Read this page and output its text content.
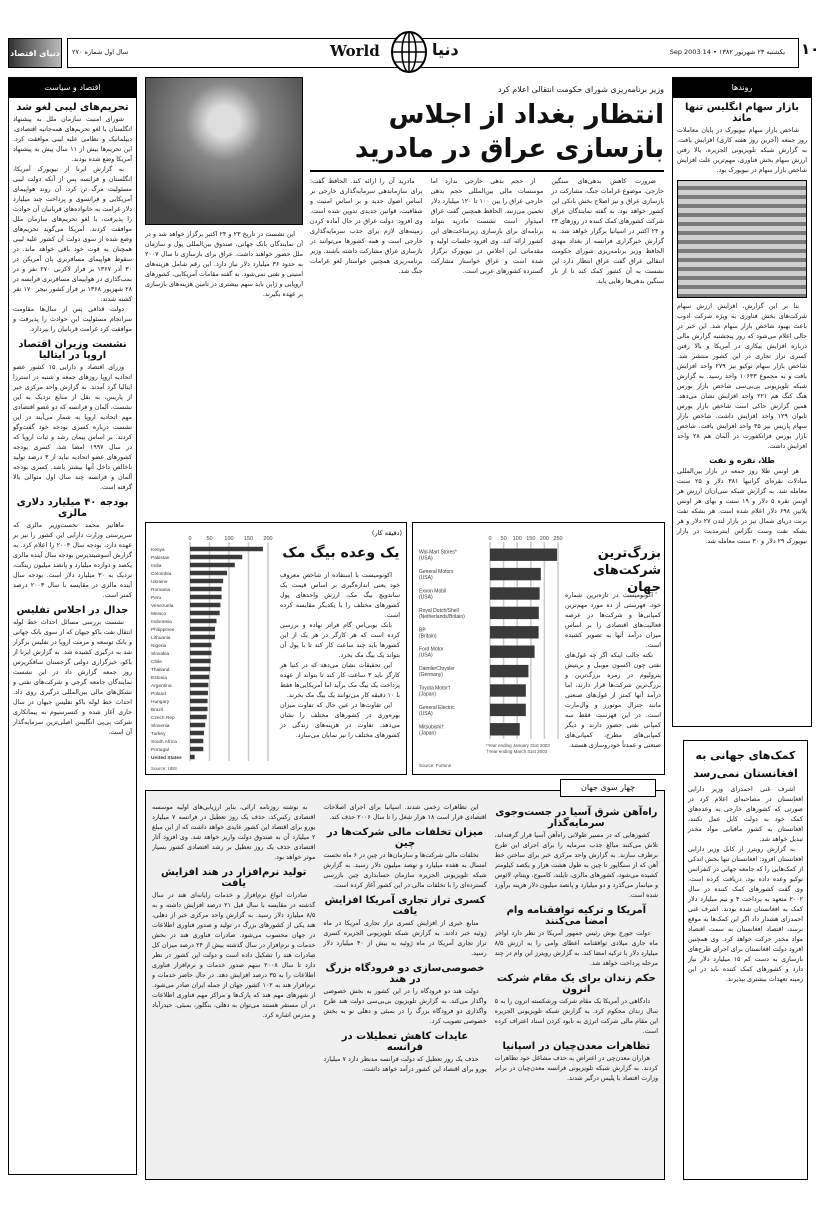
دنیای اقتصاد سال اول شماره ۲۷۰	World	دنیا	یکشنبه ۲۳ شهریور ۱۳۸۲ • 14 Sep 2003 ۱۰
اقتصاد و سیاست
تحریم‌های لیبی لغو شد

شورای امنیت سازمان ملل به پیشنهاد انگلستان با لغو تحریم‌های همه‌جانبه اقتصادی، دیپلماتیک و نظامی علیه لیبی موافقت کرد. این تحریم‌ها بیش از ۱۱ سال پیش به پیشنهاد آمریکا وضع شده بودند.

به گزارش ایرنا از نیویورک آمریکا، انگلستان و فرانسه پس از آنکه دولت لیبی مسئولیت مرگ تن کرد، آن روند هواپیمای آمریکایی و فرانسوی و پرداخت چند میلیارد دلار غرامت به خانواده‌های قربانیان آن حوادث را پذیرفت، با لغو تحریم‌های سازمان ملل موافقت کردند. آمریکا می‌گوید تحریم‌های وضع شده از سوی دولت آن کشور علیه لیبی همچنان به قوت خود باقی خواهد ماند. در سقوط هواپیمای مسافربری پان آمریکن در ۳۰ آذر ۱۳۶۷ بر فراز لاکربی ۲۷۰ نفر و در بمب‌گذاری در هواپیمای مسافربری فرانسه در ۲۸ شهریور ۱۳۶۸ بر فراز کشور نیجر ۱۷۰ نفر کشته شدند.

دولت قذافی پس از سال‌ها مقاومت سرانجام مسئولیت این حوادث را پذیرفت و موافقت کرد غرامت قربانیان را بپردازد.

نشست وزیران اقتصاد اروپا در ایتالیا

وزرای اقتصاد و دارایی ۱۵ کشور عضو اتحادیه اروپا روزهای جمعه و شنبه در استرزا ایتالیا گرد آمدند. به گزارش واحد مرکزی خبر از پاریس، به نقل از منابع نزدیک به این نشست، آلمان و فرانسه که دو عضو اقتصادی مهم اتحادیه اروپا به شمار می‌آیند در این نشست درباره کسری بودجه خود گفت‌وگو کردند. بر اساس پیمان رشد و ثبات اروپا که در سال ۱۹۹۷ امضا شد، کسری بودجه کشورهای عضو اتحادیه نباید از ۳ درصد تولید ناخالص داخل آنها بیشتر باشد. کسری بودجه آلمان و فرانسه چند سال اول متوالی بالا گرفته است.

بودجه ۴۰ میلیارد دلاری مالزی

ماهاتیر محمد نخست‌وزیر مالزی که سرپرستی وزارت دارایی این کشور را نیز بر عهده دارد، بودجه سال ۲۰۰۴ را اعلام کرد. به گزارش آسوشیتدپرس بودجه سال آینده مالزی یکصد و دوازده میلیارد و پانصد میلیون رینگت، نزدیک به ۳۰ میلیارد دلار است. بودجه سال آینده مالزی در مقایسه با سال ۲۰۰۳ درصد کمتر است.

جدال در اجلاس تفلیس

نشست بررسی مسائل احداث خط لوله انتقال نفت باکو جیهان که از سوی بانک جهانی و بانک توسعه و مرمت اروپا در تفلیس برگزار شد به درگیری کشیده شد. به گزارش ایرنا از باکو، خبرگزاری دولتی گرجستان سافکرپرس روز جمعه گزارش داد در این نشست نمایندگان جامعه گرجی و شرکت‌های نفتی و تشکل‌های مالی بین‌المللی درگیری روی داد. احداث خط لوله باکو تفلیس جیهان در سال جاری آغاز شده و کنسرسیوم به پیمانکاری شرکت بی‌پی انگلیس اصلی‌ترین سرمایه‌گذار آن است.

وزیر برنامه‌ریزی شورای حکومت انتقالی اعلام کرد
انتظار بغداد از اجلاس بازسازی عراق در مادرید

ضرورت کاهش بدهی‌های سنگین خارجی، موضوع غرامات جنگ، مشارکت در بازسازی عراق و نیز اصلاح بخش بانکی این کشور خواهد بود. به گفته نمایندگان عراق شرکت کشورهای کمک کننده در روزهای ۲۳ و ۲۴ اکتبر در اسپانیا برگزار خواهد شد. به گزارش خبرگزاری فرانسه از بغداد مهدی الحافظ وزیر برنامه‌ریزی شورای حکومت انتقالی عراق گفت عراق انتظار دارد این نشست به آن کشور کمک کند تا از بار سنگین بدهی‌ها رهایی یابد.

از حجم بدهی خارجی ندارد اما موسسات مالی بین‌المللی حجم بدهی خارجی عراق را بین ۱۰۰ تا ۱۲۰ میلیارد دلار تخمین می‌زنند. الحافظ همچنین گفت عراق امیدوار است نشست مادرید بتواند برنامه‌ای برای بازسازی زیرساخت‌های این کشور ارائه کند. وی افزود جلسات اولیه و مقدماتی این اجلاس در نیویورک برگزار شده است و عراق خواستار مشارکت گسترده کشورهای عربی است.

مادرید آن را ارائه کند. الحافظ گفت: برای سازماندهی سرمایه‌گذاری خارجی بر اساس اصول جدید و بر اساس امنیت و شفافیت، قوانین جدیدی تدوین شده است. وی افزود: دولت عراق در حال آماده کردن زمینه‌های لازم برای جذب سرمایه‌گذاری خارجی است و همه کشورها می‌توانند در بازسازی عراق مشارکت داشته باشند. وزیر برنامه‌ریزی همچنین خواستار لغو غرامات جنگ شد.

این نشست در تاریخ ۲۳ و ۲۴ اکتبر برگزار خواهد شد و در آن نمایندگان بانک جهانی، صندوق بین‌المللی پول و سازمان ملل حضور خواهند داشت. عراق برای بازسازی تا سال ۲۰۰۷ به حدود ۳۶ میلیارد دلار نیاز دارد. این رقم شامل هزینه‌های امنیتی و نفتی نمی‌شود. به گفته مقامات آمریکایی، کشورهای اروپایی و ژاپن باید سهم بیشتری در تامین هزینه‌های بازسازی بر عهده بگیرند.

0	50 100 150 200
Kenya
Pakistan
India
Colombia
Ukraine
Romania
Peru
Venezuela
Mexico
Indonesia
Philippines
Lithuania
Nigeria
Slovakia
Chile
Thailand
Estonia
Argentina
Poland
Hungary
Brazil
Czech Rep
Slovenia
Turkey
South Africa
Portugal
United States
Source: UBS
(دقیقه کار)
یک وعده بیگ مک

اکونومیست با استفاده از شاخص معروف خود یعنی اندازه‌گیری بر اساس قیمت یک ساندویچ بیگ مک، ارزش واحدهای پول کشورهای مختلف را با یکدیگر مقایسه کرده است.

بانک یوبی‌اس گام فراتر نهاده و بررسی کرده است که هر کارگر در هر یک از این کشورها باید چند ساعت کار کند تا با پول آن بتواند یک بیگ مک بخرد.

این تحقیقات نشان می‌دهد که در کنیا هر کارگر باید ۳ ساعت کار کند تا بتواند از عهده پرداخت یک بیگ مک برآید اما آمریکایی‌ها فقط با ۱۰ دقیقه کار می‌توانند یک بیگ مک بخرند.

این تفاوت‌ها در عین حال که تفاوت میزان بهره‌وری در کشورهای مختلف را نشان می‌دهد، تفاوت در هزینه‌های زندگی در کشورهای مختلف را نیز نمایان می‌سازد.

0 50 100 150 200 250
Wal-Mart Stores*
(USA)
General Motors
(USA)
Exxon Mobil
(USA)
Royal Dutch/Shell
(Netherlands/Britain)
BP
(Britain)
Ford Motor
(USA)
DaimlerChrysler
(Germany)
Toyota Motor†
(Japan)
General Electric
(USA)
Mitsubishi†
(Japan)
*Year ending January 31st 2003
†Year ending March 31st 2003
Source: Fortune
بزرگ‌ترین شرکت‌های جهان

اکونومیست در تازه‌ترین شماره خود، فهرستی از ده مورد مهم‌ترین کمپانی‌ها و شرکت‌ها در عرصه فعالیت‌های اقتصادی را بر اساس میزان درآمد آنها به تصویر کشیده است.

نکته جالب اینکه اگر چه غول‌های نفتی چون اکسون موبیل و بریتیش پترولیوم در زمره بزرگ‌ترین و بزرگ‌ترین شرکت‌ها قرار دارند، اما درآمد آنها کمتر از غول‌های صنعتی مانند جنرال موتورز و وال‌مارت است. در این فهرست فقط سه کمپانی نفتی حضور دارند و دیگر کمپانی‌های مطرح، کمپانی‌های صنعتی و عمدتاً خودروسازی هستند.

روندها
بازار سهام انگلیس تنها ماند

شاخص بازار سهام نیویورک در پایان معاملات روز جمعه (آخرین روز هفته کاری) افزایش یافت. به گزارش شبکه تلویزیونی الجزیره، بالا رفتن ارزش سهام بخش فناوری، مهم‌ترین علت افزایش شاخص بازار سهام در نیویورک بود.

بنا بر این گزارش، افزایش ارزش سهام شرکت‌های بخش فناوری به ویژه شرکت ادوب باعث بهبود شاخص بازار سهام شد. این خبر در حالی اعلام می‌شود که روز پنجشنبه گزارش مالی درباره افزایش بیکاری در آمریکا و بالا رفتن کسری تراز تجاری در این کشور منتشر شد. شاخص بازار سهام توکیو نیز ۲۷۹ واحد افزایش یافت و به مجموع ۱۰۶۴۳ واحد رسید. به گزارش شبکه تلویزیونی بی‌بی‌سی شاخص بازار بورس هنگ کنگ هم ۲۲۱ واحد افزایش نشان می‌دهد. همین گزارش حاکی است شاخص بازار بورس تایوان ۱۲۹ واحد افزایش داشت. شاخص بازار سهام پاریس نیز ۴۵ واحد افزایش یافت. شاخص بازار بورس فرانکفورت در آلمان هم ۲۸ واحد افزایش داشت.

طلا، نقره و نفت

هر اونس طلا روز جمعه در بازار بین‌المللی مبادلات نقره‌ای گرانبها ۳۸۱ دلار و ۲۵ سنت معامله شد. به گزارش شبکه سی‌ان‌ان ارزش هر اونس نقره ۵ دلار و ۱۹ سنت و بهای هر اونس پلاتین ۶۹۸ دلار اعلام شده است. هر بشکه نفت برنت دریای شمال نیز در بازار لندن ۲۷ دلار و هر بشکه نفت وست تگزاس اینترمدیت در بازار نیویورک ۲۹ دلار و ۳۰ سنت معامله شد.

کمک‌های جهانی به افغانستان نمی‌رسد

اشرف غنی احمدزای وزیر دارایی افغانستان در مصاحبه‌ای اعلام کرد در صورتی که کشورهای خارجی به وعده‌های کمک خود به دولت کابل عمل نکنند، افغانستان به کشور مافیایی مواد مخدر تبدیل خواهد شد.

به گزارش رویترز از کابل وزیر دارایی افغانستان افزود: افغانستان تنها بخش اندکی از کمک‌هایی را که جامعه جهانی در کنفرانس توکیو وعده داده بود، دریافت کرده است. وی گفت کشورهای کمک کننده در سال ۲۰۰۲ متعهد به پرداخت ۴ و نیم میلیارد دلار کمک به افغانستان شده بودند. اشرف غنی احمدزای هشدار داد اگر این کمک‌ها به موقع نرسد، اقتصاد افغانستان به سمت اقتصاد مواد مخدر حرکت خواهد کرد. وی همچنین افزود دولت افغانستان برای اجرای طرح‌های بازسازی به دست کم ۱۵ میلیارد دلار نیاز دارد و کشورهای کمک کننده باید در این زمینه تعهدات بیشتری بپذیرند.

راه‌آهن شرق آسیا در جست‌وجوی سرمایه‌گذار

کشورهایی که در مسیر طولانی راه‌آهن آسیا قرار گرفته‌اند، تلاش می‌کنند مبالغ جذب سرمایه را برای اجرای این طرح برطرف سازند. به گزارش واحد مرکزی خبر برای ساختن خط آهن که از سنگاپور تا چین به طول هشت هزار و یکصد کیلومتر کشیده می‌شود، کشورهای مالزی، تایلند، کامبوج، ویتنام، لائوس و میانمار می‌گذرد و دو میلیارد و پانصد میلیون دلار هزینه برآورد شده است.

آمریکا و ترکیه توافقنامه وام امضا می‌کنند

دولت جورج بوش رئیس جمهور آمریکا در نظر دارد اواخر ماه جاری میلادی توافقنامه اعطای وامی را به ارزش ۸/۵ میلیارد دلار با ترکیه امضا کند. به گزارش رویترز این وام در چند مرحله پرداخت خواهد شد.

حکم زندان برای یک مقام شرکت انرون

دادگاهی در آمریکا یک مقام شرکت ورشکسته انرون را به ۵ سال زندان محکوم کرد. به گزارش شبکه تلویزیونی الجزیره این مقام مالی شرکت انرژی به نابود کردن اسناد اعتراف کرده است.

تظاهرات معدن‌چیان در اسپانیا

هزاران معدن‌چی در اعتراض به حذف مشاغل خود تظاهرات کردند. به گزارش شبکه تلویزیونی فرانسه معدن‌چیان در برابر وزارت اقتصاد با پلیس درگیر شدند.

این تظاهرات زخمی شدند. اسپانیا برای اجرای اصلاحات اقتصادی قرار است ۱۸ هزار شغل را تا سال ۲۰۰۶ حذف کند.

میزان تخلفات مالی شرکت‌ها در چین

تخلفات مالی شرکت‌ها و سازمان‌ها در چین در ۶ ماه نخست امسال به هفده میلیارد و نهصد میلیون دلار رسید. به گزارش شبکه تلویزیونی الجزیره سازمان حسابداری چین بازرسی گسترده‌ای را با تخلفات مالی در این کشور آغاز کرده است.

کسری تراز تجاری آمریکا افزایش یافت

منابع خبری از افزایش کسری تراز تجاری آمریکا در ماه ژوئیه خبر دادند. به گزارش شبکه تلویزیونی الجزیره کسری تراز تجاری آمریکا در ماه ژوئیه به بیش از ۴۰ میلیارد دلار رسید.

خصوصی‌سازی دو فرودگاه بزرگ در هند

دولت هند دو فرودگاه را در این کشور به بخش خصوصی واگذار می‌کند. به گزارش تلویزیون بی‌بی‌سی دولت هند طرح واگذاری دو فرودگاه بزرگ را در بمبئی و دهلی نو به بخش خصوصی تصویب کرد.

عایدات کاهش تعطیلات در فرانسه

حذف یک روز تعطیل که دولت فرانسه مدنظر دارد ۷ میلیارد یورو برای اقتصاد این کشور درآمد خواهد داشت.

به نوشته روزنامه ارائی، بنابر ارزیابی‌های اولیه موسسه اقتصادی رکس‌کد، حذف یک روز تعطیل در فرانسه ۷ میلیارد یورو برای اقتصاد این کشور عایدی خواهد داشت که از این مبلغ ۲ میلیارد آن به صندوق دولت واریز خواهد شد. وی افزود آثار اقتصادی حذف یک روز تعطیل بر رشد اقتصادی کشور بسیار موثر خواهد بود.

تولید نرم‌افزار در هند افزایش یافت

صادرات انواع نرم‌افزار و خدمات رایانه‌ای هند در سال گذشته در مقایسه با سال قبل ۲۱ درصد افزایش داشته و به ۸/۵ میلیارد دلار رسید. به گزارش واحد مرکزی خبر از دهلی، هند یکی از کشورهای بزرگ در تولید و صدور فناوری اطلاعات در جهان محسوب می‌شود. صادرات فناوری هند در بخش خدمات و نرم‌افزار در سال گذشته بیش از ۲۴ درصد میزان کل صادرات هند را تشکیل داده است و دولت این کشور در نظر دارد تا سال ۲۰۰۸ سهم صدور خدمات و نرم‌افزار فناوری اطلاعات را به ۳۵ درصد افزایش دهد. در حال حاضر خدمات و نرم‌افزار هند به ۱۰۲ کشور جهان از جمله ایران صادر می‌شود. از شهرهای مهم هند که پارک‌ها و مراکز مهم فناوری اطلاعات در آن مستقر هستند می‌توان به دهلی، بنگلور، بمبئی، حیدرآباد و مدرس اشاره کرد.

چهار سوی جهان
